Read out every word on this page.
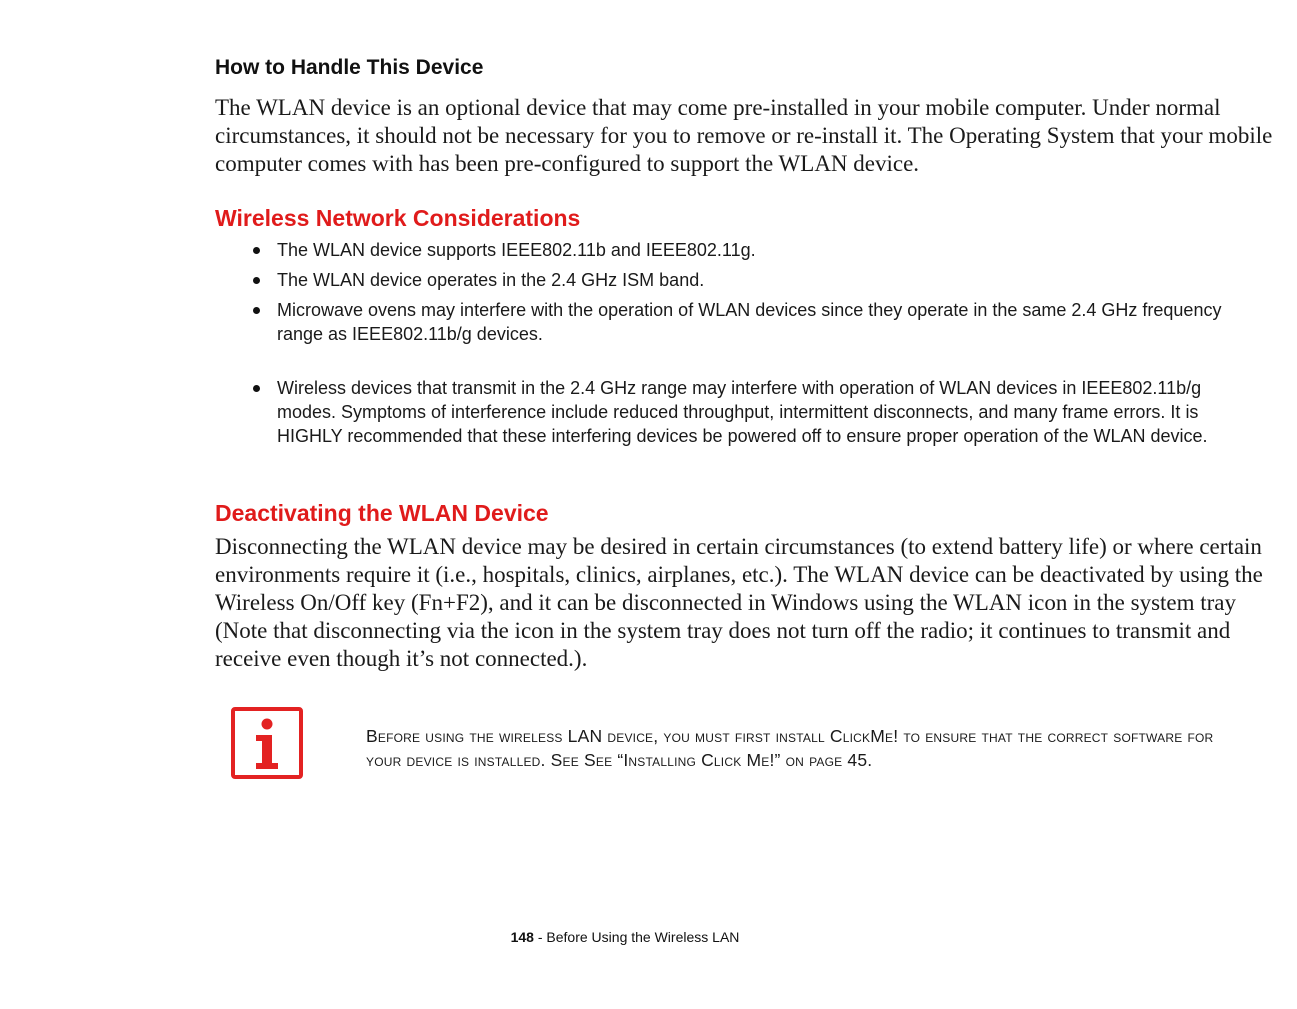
How to Handle This Device

The WLAN device is an optional device that may come pre-installed in your mobile computer. Under normal circumstances, it should not be necessary for you to remove or re-install it. The Operating System that your mobile computer comes with has been pre-configured to support the WLAN device.

Wireless Network Considerations
The WLAN device supports IEEE802.11b and IEEE802.11g.
The WLAN device operates in the 2.4 GHz ISM band.
Microwave ovens may interfere with the operation of WLAN devices since they operate in the same 2.4 GHz frequency range as IEEE802.11b/g devices.
Wireless devices that transmit in the 2.4 GHz range may interfere with operation of WLAN devices in IEEE802.11b/g modes. Symptoms of interference include reduced throughput, intermittent disconnects, and many frame errors. It is HIGHLY recommended that these interfering devices be powered off to ensure proper operation of the WLAN device.
Deactivating the WLAN Device

Disconnecting the WLAN device may be desired in certain circumstances (to extend battery life) or where certain environments require it (i.e., hospitals, clinics, airplanes, etc.). The WLAN device can be deactivated by using the Wireless On/Off key (Fn+F2), and it can be disconnected in Windows using the WLAN icon in the system tray (Note that disconnecting via the icon in the system tray does not turn off the radio; it continues to transmit and receive even though it’s not connected.).

Before using the wireless LAN device, you must first install ClickMe! to ensure that the correct software for your device is installed. See See “Installing Click Me!” on page 45.

148 - Before Using the Wireless LAN
